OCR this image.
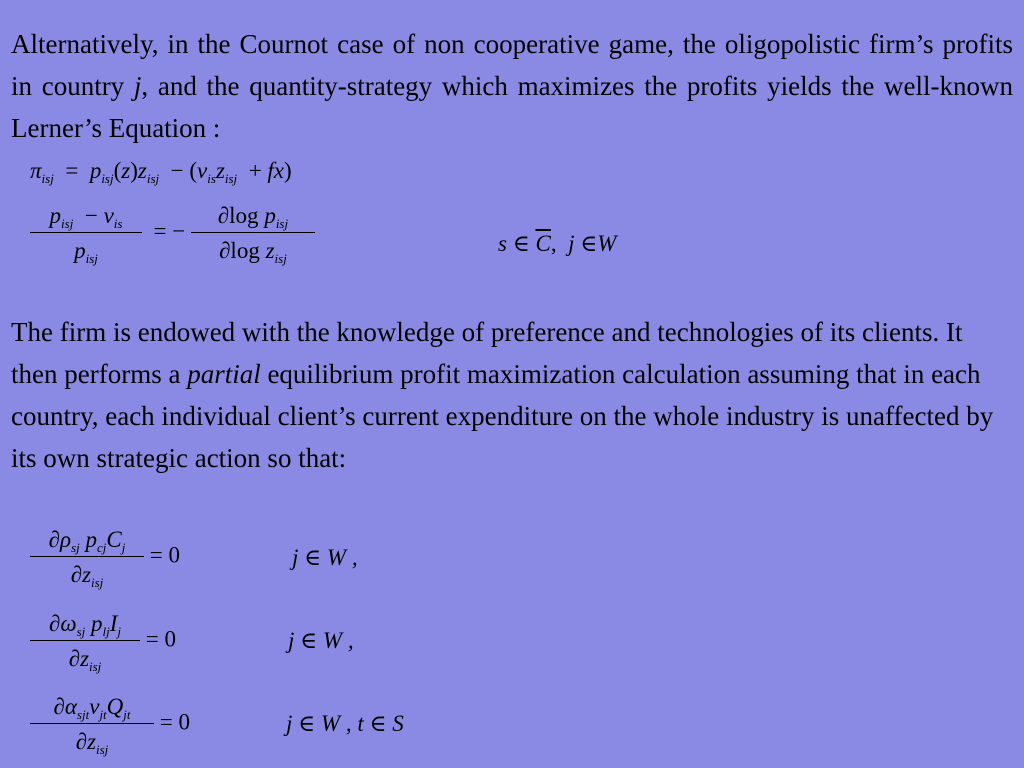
Alternatively, in the Cournot case of non cooperative game, the oligopolistic firm’s profits in country j, and the quantity-strategy which maximizes the profits yields the well-known Lerner’s Equation :

$\pi_{isj} = p_{isj}(z)z_{isj} - (v_{is}z_{isj} + fx)$
$\frac{p_{isj} - v_{is}}{p_{isj}}$ = − $\frac{\partial\log p_{isj}}{\partial\log z_{isj}}$	s ∈ $\overline{C}$,  j ∈W

The firm is endowed with the knowledge of preference and technologies of its clients. It then performs a partial equilibrium profit maximization calculation assuming that in each country, each individual client’s current expenditure on the whole industry is unaffected by its own strategic action so that:

$\frac{\partial\rho_{sj} p_{cj}C_j}{\partial z_{isj}} = 0$	j ∈ W ,
$\frac{\partial\omega_{sj} p_{lj}I_j}{\partial z_{isj}} = 0$	j ∈ W ,
$\frac{\partial\alpha_{sjt}v_{jt}Q_{jt}}{\partial z_{isj}} = 0$	j ∈ W , t ∈ S
